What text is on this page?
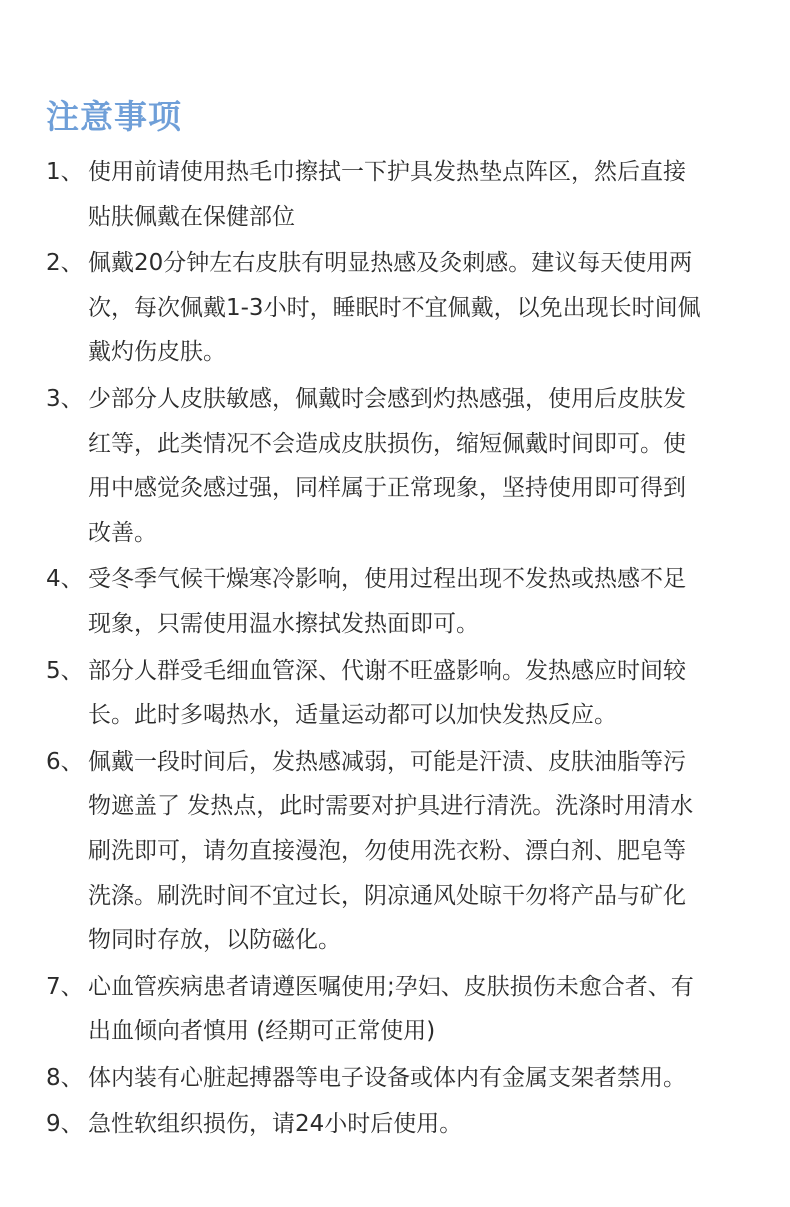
注意事项
1、 使用前请使用热毛巾擦拭一下护具发热垫点阵区，然后直接
贴肤佩戴在保健部位
2、 佩戴20分钟左右皮肤有明显热感及灸刺感。建议每天使用两
次，每次佩戴1-3小时，睡眠时不宜佩戴，以免出现长时间佩
戴灼伤皮肤。
3、 少部分人皮肤敏感，佩戴时会感到灼热感强，使用后皮肤发
红等，此类情况不会造成皮肤损伤，缩短佩戴时间即可。使
用中感觉灸感过强，同样属于正常现象，坚持使用即可得到
改善。
4、 受冬季气候干燥寒冷影响，使用过程出现不发热或热感不足
现象，只需使用温水擦拭发热面即可。
5、 部分人群受毛细血管深、代谢不旺盛影响。发热感应时间较
长。此时多喝热水，适量运动都可以加快发热反应。
6、 佩戴一段时间后，发热感减弱，可能是汗渍、皮肤油脂等污
物遮盖了 发热点，此时需要对护具进行清洗。洗涤时用清水
刷洗即可，请勿直接漫泡，勿使用洗衣粉、漂白剂、肥皂等
洗涤。刷洗时间不宜过长，阴凉通风处晾干勿将产品与矿化
物同时存放，以防磁化。
7、 心血管疾病患者请遵医嘱使用;孕妇、皮肤损伤未愈合者、有
出血倾向者慎用 (经期可正常使用)
8、 体内装有心脏起搏器等电子设备或体内有金属支架者禁用。
9、 急性软组织损伤，请24小时后使用。
